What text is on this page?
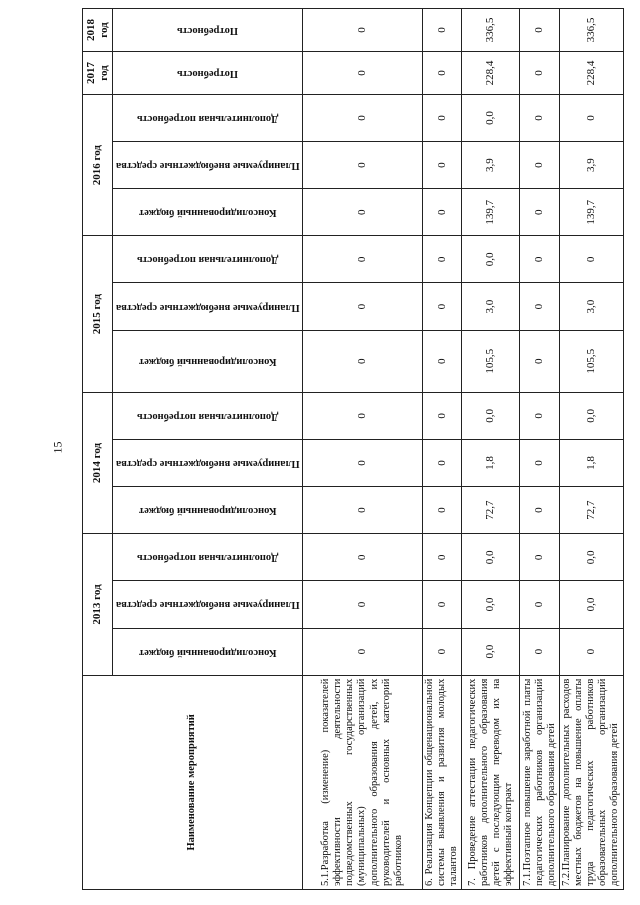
15
Наименование мероприятий	2013 год			2014 год			2015 год			2016 год			2017 год	2018 год

	Консолидированный бюджет	Планируемые внебюджетные средства	Дополнительная потребность	Консолидированный бюджет	Планируемые внебюджетные средства	Дополнительная потребность	Консолидированный бюджет	Планируемые внебюджетные средства	Дополнительная потребность	Консолидированный бюджет	Планируемые внебюджетные средства	Дополнительная потребность	Потребность	Потребность

5.1.Разработка (изменение) показателей эффективности деятельности подведомственных государственных (муниципальных) организаций дополнительного образования детей, их руководителей и основных категорий работников	0	0	0	0	0	0	0	0	0	0	0	0	0	0
6. Реализация Концепции общенациональной системы выявления и развития молодых талантов	0	0	0	0	0	0	0	0	0	0	0	0	0	0
7. Проведение аттестации педагогических работников дополнительного образования детей с последующим переводом их на эффективный контракт	0,0	0,0	0,0	72,7	1,8	0,0	105,5	3,0	0,0	139,7	3,9	0,0	228,4	336,5
7.1.Поэтапное повышение заработной платы педагогических работников организаций дополнительного образования детей	0	0	0	0	0	0	0	0	0	0	0	0	0	0
7.2.Планирование дополнительных расходов местных бюджетов на повышение оплаты труда педагогических работников образовательных организаций дополнительного образования детей	0	0,0	0,0	72,7	1,8	0,0	105,5	3,0	0	139,7	3,9	0	228,4	336,5
